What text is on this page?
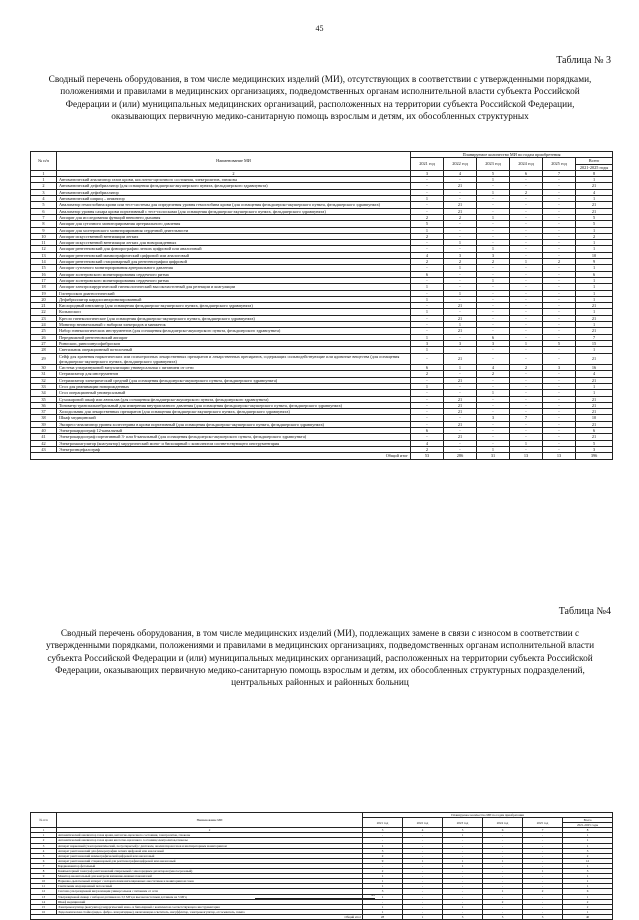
45
Таблица № 3
Сводный перечень оборудования, в том числе медицинских изделий (МИ), отсутствующих в соответствии с утвержденными порядками, положениями и правилами в медицинских организациях, подведомственных органам исполнительной власти субъекта Российской Федерации и (или) муниципальных медицинских организаций, расположенных на территории субъекта Российской Федерации, оказывающих первичную медико-санитарную помощь взрослым и детям, их обособленных структурных
№ п/п	Наименование МИ	Планируемое количество МИ по годам приобретения					
		2021 год	2022 год	2023 год	2024 год	2025 год	Всего
							2021-2025 годы
1	2	3	4	5	6	7	8
1	Автоматический анализатор газов крови, кислотно-щелочного состояния, электролитов, глюкозы	-	-	1	-	-	1
2	Автоматический дефибриллятор (для оснащения фельдшерско-акушерского пункта, фельдшерского здравпункта)	-	21	-	-	-	21
3	Автоматический дефибриллятор	-	-	1	2	-	4
4	Автоматический шприц – инжектор	1	-	-	-	-	1
5	Анализатор гемоглобина крови или тест-системы для определения уровня гемоглобина крови (для оснащения фельдшерско-акушерского пункта, фельдшерского здравпункта)	-	21	-	-	-	21
6	Анализатор уровня сахара крови портативный с тест-полосками (для оснащения фельдшерско-акушерского пункта, фельдшерского здравпункта)	-	21	-	-	-	21
7	Аппарат для исследования функций внешнего дыхания	2	2	1	-	-	5
8	Аппарат для суточного мониторирования артериального давления	5	-	-	-	-	5
9	Аппарат для холтеровского мониторирования сердечной деятельности	1	-	-	-	-	1
10	Аппарат искусственной вентиляции легких	2	-	-	-	-	2
11	Аппарат искусственной вентиляции легких для новорожденных	-	1	-	-	-	1
12	Аппарат рентгеновский для флюорографии легких цифровой или аналоговый	-	-	1	-	-	1
13	Аппарат рентгеновский маммографический цифровой или аналоговый	4	3	3	-	-	10
14	Аппарат рентгеновский стационарный для рентгенографии цифровой	2	2	2	1	2	9
15	Аппарат суточного мониторирования артериального давления	-	1	-	-	-	1
16	Аппарат холтеровского мониторирования сердечного ритма	6	-	-	-	-	6
17	Аппарат холтеровского мониторирования сердечного ритма	-	-	1	-	-	1
18	Аппарат электрохирургический гинекологический высокочастотный для резекции и коагуляции	1	-	-	-	-	1
19	Гистероскоп диагностический	-	1	-	-	-	1
20	Дефибриллятор кардиосинхронизированный	1	-	-	-	-	1
21	Кислородный ингалятор (для оснащения фельдшерско-акушерского пункта, фельдшерского здравпункта)	-	21	-	-	-	21
22	Кольпоскоп	1	-	-	-	-	1
23	Кресло гинекологическое (для оснащения фельдшерско-акушерского пункта, фельдшерского здравпункта)	-	21	-	-	-	21
24	Монитор неонатальный с набором электродов и манжеток	-	1	-	-	-	1
25	Набор гинекологических инструментов (для оснащения фельдшерско-акушерского пункта, фельдшерского здравпункта)	-	21	-	-	-	21
26	Передвижной рентгеновский аппарат	1	-	6	-	-	7
27	Риноскоп, риносинусофиброскоп	3	3	3	1	5	15
28	Светильник операционный потолочный	1	-	-	-	-	1
29	Сейф для хранения наркотических или психотропных лекарственных препаратов и лекарственных препаратов, содержащих сильнодействующие или ядовитые вещества (для оснащения фельдшерско-акушерского пункта, фельдшерского здравпункта)	-	21	-	-	-	21
30	Система ультразвуковой визуализации универсальная с питанием от сети	6	1	4	2	3	16
31	Стерилизатор для инструментов	2	-	2	-	-	4
32	Стерилизатор электрический средний (для оснащения фельдшерско-акушерского пункта, фельдшерского здравпункта)	-	21	-	-	-	21
33	Стол для реанимации новорожденных	1	-	-	-	-	1
34	Стол операционный универсальный	-	-	1	-	-	1
35	Сухожаровой шкаф или автоклав (для оснащения фельдшерско-акушерского пункта, фельдшерского здравпункта)	-	21	-	-	-	21
36	Тонометр транспальпебральный для измерения внутриглазного давления (для оснащения фельдшерско-акушерского пункта, фельдшерского здравпункта)	-	21	-	-	-	21
37	Холодильник для лекарственных препаратов (для оснащения фельдшерско-акушерского пункта, фельдшерского здравпункта)	-	21	-	-	-	21
38	Шкаф медицинский	-	-	3	7	-	10
39	Экспресс-анализатор уровня холестерина в крови портативный (для оснащения фельдшерско-акушерского пункта, фельдшерского здравпункта)	-	21	-	-	-	21
40	Электрокардиограф 12-канальный	6	-	-	-	-	6
41	Электрокардиограф портативный 3- или 6-канальный (для оснащения фельдшерско-акушерского пункта, фельдшерского здравпункта)	-	21	-	-	-	21
42	Электрохкоагулятор (коагулятор) хирургический моно- и биполярный с комплектом соответствующего инструментария	4	-	-	1	-	5
43	Электроэнцефалограф	2	-	1	-	-	3
Общий итог		53	286	31	13	13	396
Таблица №4
Сводный перечень оборудования, в том числе медицинских изделий (МИ), подлежащих замене в связи с износом в соответствии с утвержденными порядками, положениями и правилами в медицинских организациях, подведомственных органам исполнительной власти субъекта Российской Федерации и (или) муниципальных медицинских организаций, расположенных на территории субъекта Российской Федерации, оказывающих первичную медико-санитарную помощь взрослым и детям, их обособленных структурных подразделений, центральных районных и районных больниц
№ п/п	Наименование МИ	Планируемое количество МИ по годам приобретения					
		2021 год	2022 год	2023 год	2024 год	2025 год	Всего
							2021-2025 годы
1	2	3	4	5	6	7	8
1	Автоматический анализатор газов крови, кислотно-щелочного состояния, электролитов, глюкозы	-	-	1	-	-	1
2	Автоматический анализатор газов крови кислотно-щелочного состояния,электролитов,глюкозы	-	-	-	-	-	1
3	Аппарат наркозный (газотерапевтический, полуоткрытый) с дисплеем, анализатором газов и инспираторным мониторингом	1	-	-	-	-	1
4	Аппарат рентгеновский для флюорографии легких цифровой или аналоговый	3	-	-	-	-	3
5	Аппарат рентгеновский маммографический цифровой или аналоговый	2	-	-	-	-	2
6	Аппарат рентгеновский стационарный для рентгенографии цифровой или аналоговый	9	1	1	1	-	12
7	Кардиомонитор фетальный	-	-	1	-	-	1
8	Компьютерный томограф рентгеновский спиральный с многорядным детектором (многосрезовый)	2	-	-	-	1	3
9	Монитор неонатальный для контроля жизненно-важных показателей	1	-	-	-	-	1
10	Наркозно-дыхательный аппарат с испарителями ингаляционных анестетиков и мониторингом газов	1	-	-	-	-	1
11	Светильник операционный потолочный	1	-	-	-	-	1
12	Система ультразвуковой визуализации универсальная с питанием от сети	3	-	-	1	2	6
13	Ультразвуковой сканер с набором датчиков на 3,5 МГц и высокочастотным датчиком на 5 МГц	1	-	-	-	-	1
14	Шкаф медицинский	-	-	-	2	-	2
15	Электрокоагулятор (коагулятор) хирургический моно- и биполярный с комплектом соответствующего инструментария	1	-	1	-	-	2
16	Эндоскопическая стойка (видео- фибро- или ригидные), включающая осветитель, инсуффлятор, электрокоагулятор, отсасыватель, помпа	1	-	-	-	-	1
Общий итог		28	1	3	5	3	40
».
